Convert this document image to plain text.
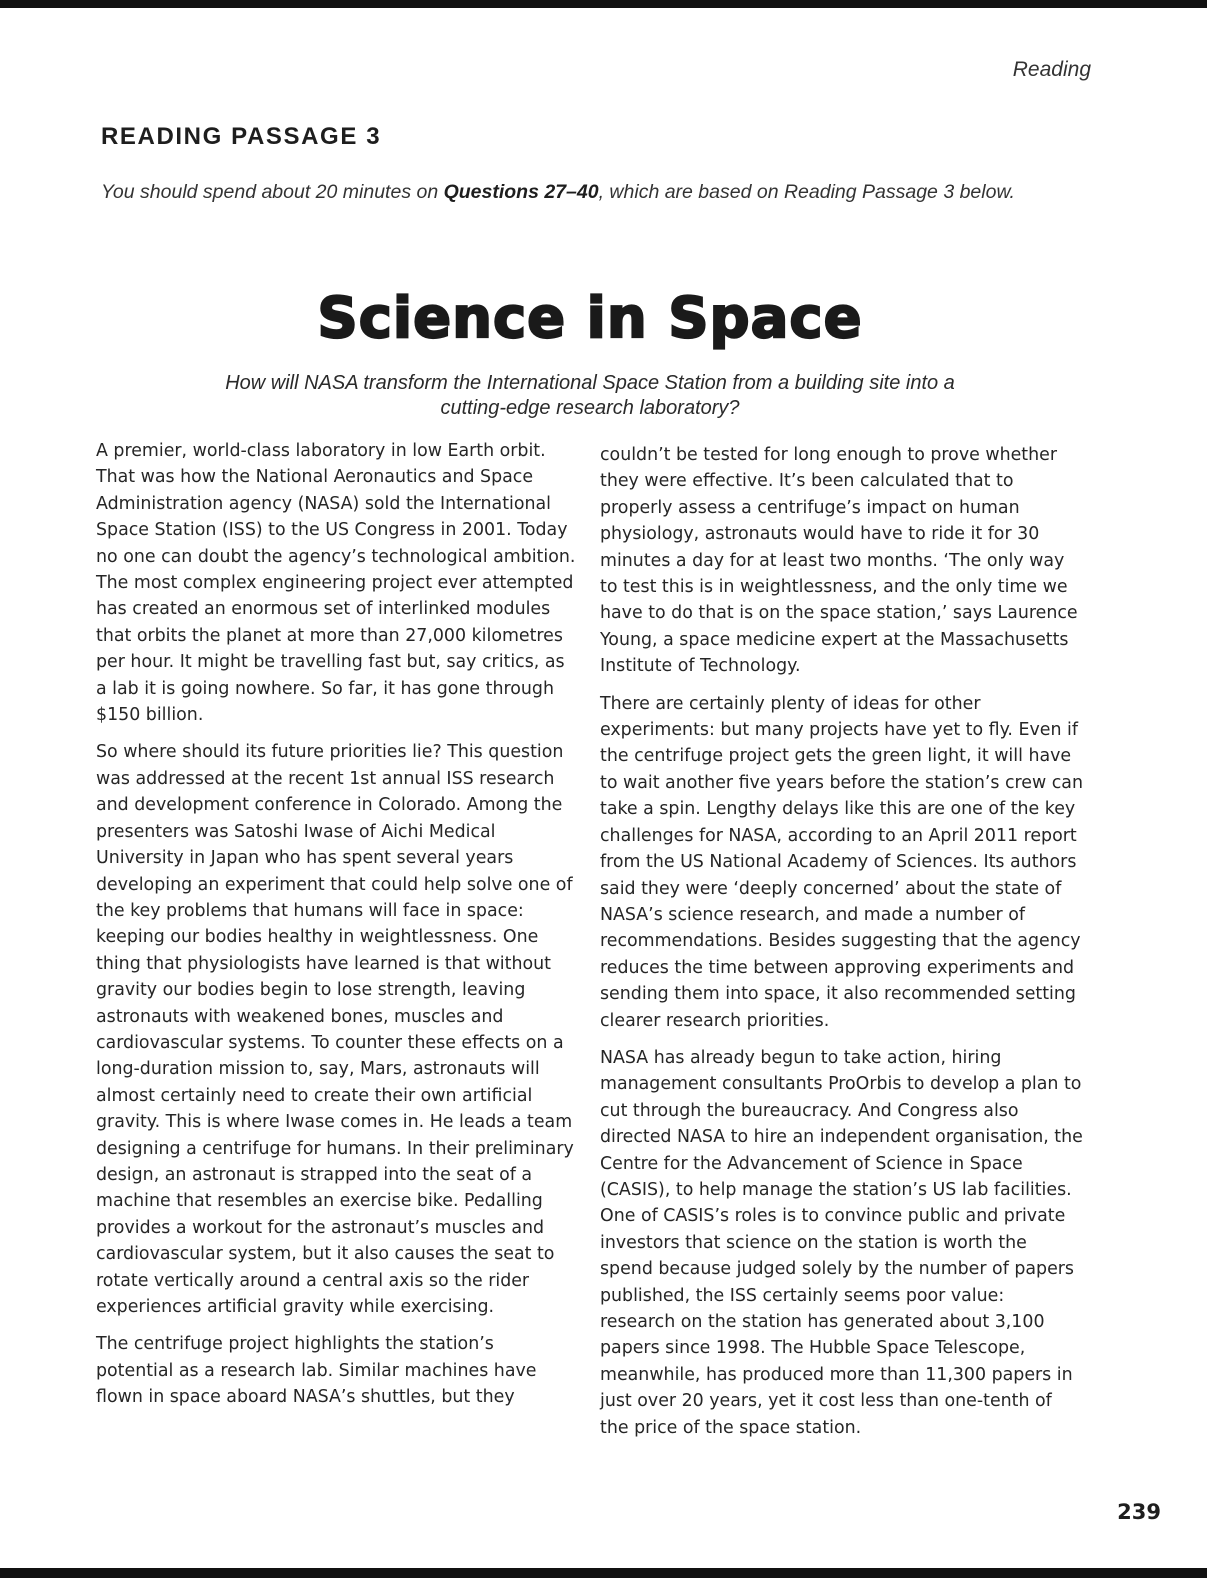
Reading
READING PASSAGE 3
You should spend about 20 minutes on Questions 27–40, which are based on Reading Passage 3 below.
Science in Space
How will NASA transform the International Space Station from a building site into a cutting-edge research laboratory?

A premier, world-class laboratory in low Earth orbit. That was how the National Aeronautics and Space Administration agency (NASA) sold the International Space Station (ISS) to the US Congress in 2001. Today no one can doubt the agency’s technological ambition. The most complex engineering project ever attempted has created an enormous set of interlinked modules that orbits the planet at more than 27,000 kilometres per hour. It might be travelling fast but, say critics, as a lab it is going nowhere. So far, it has gone through $150 billion.

So where should its future priorities lie? This question was addressed at the recent 1st annual ISS research and development conference in Colorado. Among the presenters was Satoshi Iwase of Aichi Medical University in Japan who has spent several years developing an experiment that could help solve one of the key problems that humans will face in space: keeping our bodies healthy in weightlessness. One thing that physiologists have learned is that without gravity our bodies begin to lose strength, leaving astronauts with weakened bones, muscles and cardiovascular systems. To counter these effects on a long-duration mission to, say, Mars, astronauts will almost certainly need to create their own artificial gravity. This is where Iwase comes in. He leads a team designing a centrifuge for humans. In their preliminary design, an astronaut is strapped into the seat of a machine that resembles an exercise bike. Pedalling provides a workout for the astronaut’s muscles and cardiovascular system, but it also causes the seat to rotate vertically around a central axis so the rider experiences artificial gravity while exercising.

The centrifuge project highlights the station’s potential as a research lab. Similar machines have flown in space aboard NASA’s shuttles, but they

couldn’t be tested for long enough to prove whether they were effective. It’s been calculated that to properly assess a centrifuge’s impact on human physiology, astronauts would have to ride it for 30 minutes a day for at least two months. ‘The only way to test this is in weightlessness, and the only time we have to do that is on the space station,’ says Laurence Young, a space medicine expert at the Massachusetts Institute of Technology.

There are certainly plenty of ideas for other experiments: but many projects have yet to fly. Even if the centrifuge project gets the green light, it will have to wait another five years before the station’s crew can take a spin. Lengthy delays like this are one of the key challenges for NASA, according to an April 2011 report from the US National Academy of Sciences. Its authors said they were ‘deeply concerned’ about the state of NASA’s science research, and made a number of recommendations. Besides suggesting that the agency reduces the time between approving experiments and sending them into space, it also recommended setting clearer research priorities.

NASA has already begun to take action, hiring management consultants ProOrbis to develop a plan to cut through the bureaucracy. And Congress also directed NASA to hire an independent organisation, the Centre for the Advancement of Science in Space (CASIS), to help manage the station’s US lab facilities. One of CASIS’s roles is to convince public and private investors that science on the station is worth the spend because judged solely by the number of papers published, the ISS certainly seems poor value: research on the station has generated about 3,100 papers since 1998. The Hubble Space Telescope, meanwhile, has produced more than 11,300 papers in just over 20 years, yet it cost less than one-tenth of the price of the space station.

239
